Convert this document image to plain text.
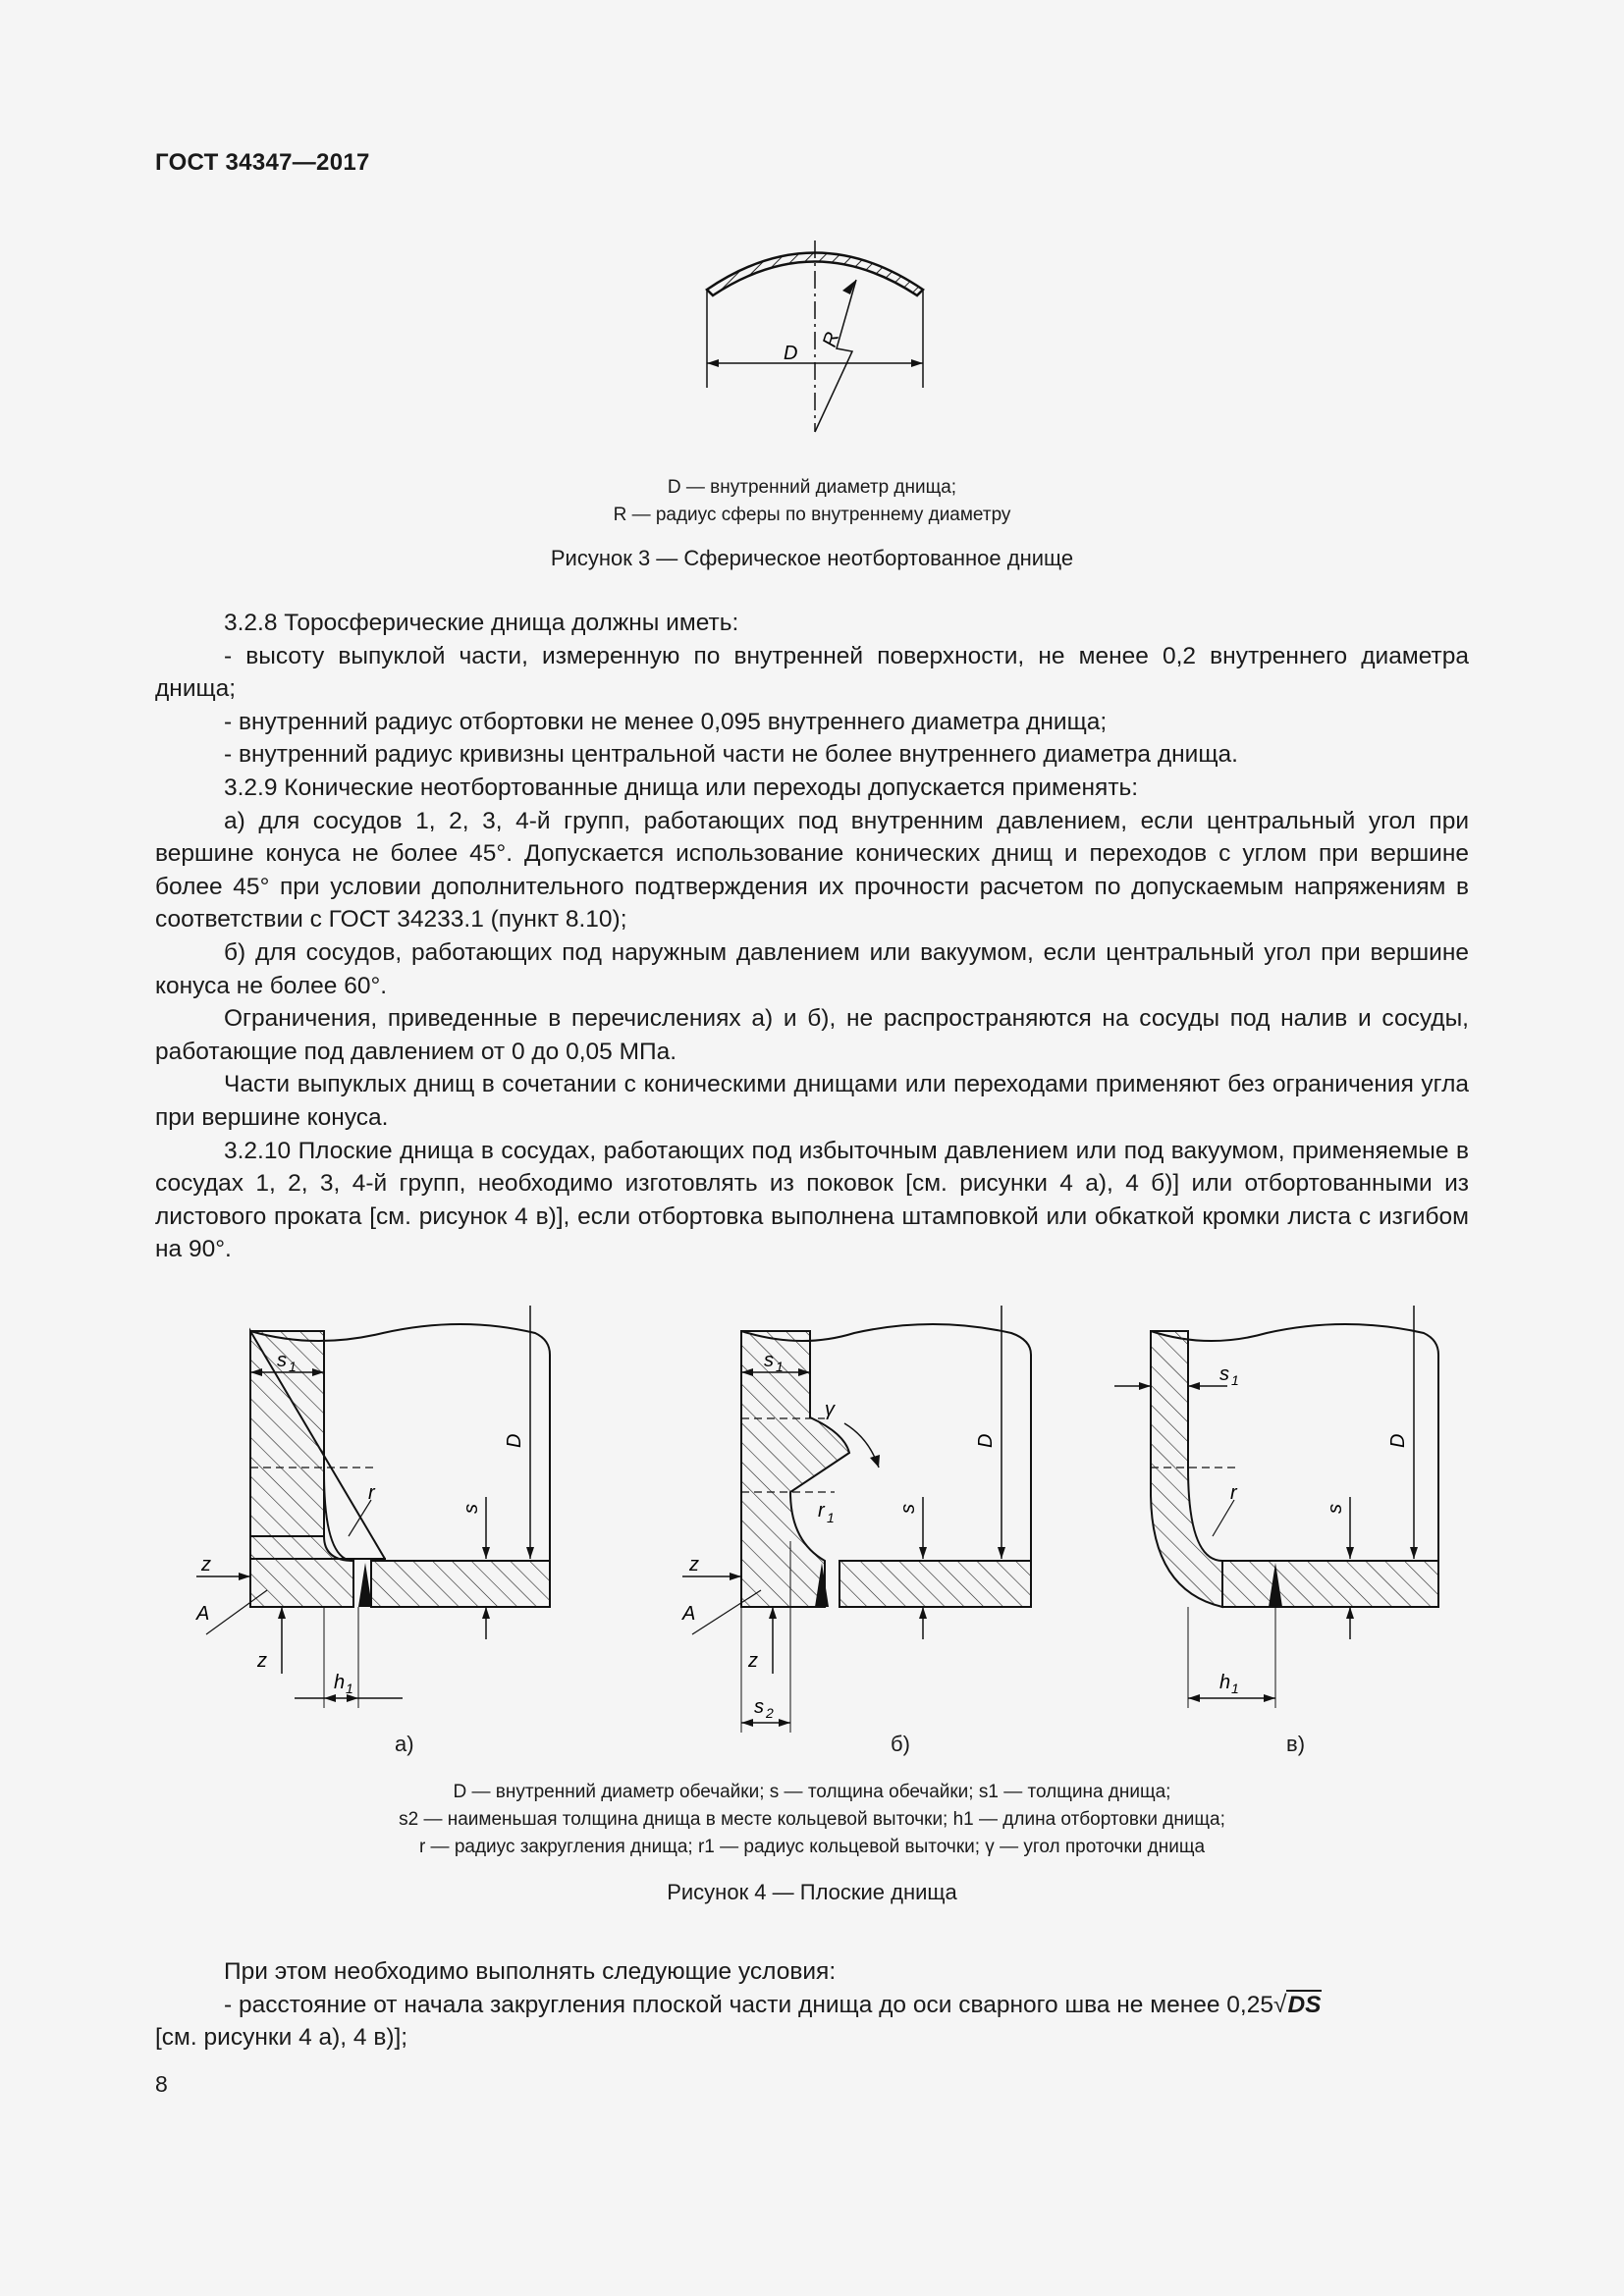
ГОСТ 34347—2017
D
R
D — внутренний диаметр днища;
R — радиус сферы по внутреннему диаметру
Рисунок 3 — Сферическое неотбортованное днище

3.2.8 Торосферические днища должны иметь:

- высоту выпуклой части, измеренную по внутренней поверхности, не менее 0,2 внутреннего диаметра днища;

- внутренний радиус отбортовки не менее 0,095 внутреннего диаметра днища;

- внутренний радиус кривизны центральной части не более внутреннего диаметра днища.

3.2.9 Конические неотбортованные днища или переходы допускается применять:

а) для сосудов 1, 2, 3, 4-й групп, работающих под внутренним давлением, если центральный угол при вершине конуса не более 45°. Допускается использование конических днищ и переходов с углом при вершине более 45° при условии дополнительного подтверждения их прочности расчетом по допускаемым напряжениям в соответствии с ГОСТ 34233.1 (пункт 8.10);

б) для сосудов, работающих под наружным давлением или вакуумом, если центральный угол при вершине конуса не более 60°.

Ограничения, приведенные в перечислениях а) и б), не распространяются на сосуды под налив и сосуды, работающие под давлением от 0 до 0,05 МПа.

Части выпуклых днищ в сочетании с коническими днищами или переходами применяют без ограничения угла при вершине конуса.

3.2.10 Плоские днища в сосудах, работающих под избыточным давлением или под вакуумом, применяемые в сосудах 1, 2, 3, 4-й групп, необходимо изготовлять из поковок [см. рисунки 4 а), 4 б)] или отбортованными из листового проката [см. рисунок 4 в)], если отбортовка выполнена штамповкой или обкаткой кромки листа с изгибом на 90°.

s 1
D
s
r
z
A
z
h 1
s 1
γ
D
s
r 1
z
A
z
s 2
s 1
D
s
r
h 1
а)	б)	в)
D — внутренний диаметр обечайки; s — толщина обечайки; s1 — толщина днища;
s2 — наименьшая толщина днища в месте кольцевой выточки; h1 — длина отбортовки днища;
r — радиус закругления днища; r1 — радиус кольцевой выточки; γ — угол проточки днища
Рисунок 4 — Плоские днища

При этом необходимо выполнять следующие условия:

- расстояние от начала закругления плоской части днища до оси сварного шва не менее 0,25√DS

[см. рисунки 4 а), 4 в)];

8
